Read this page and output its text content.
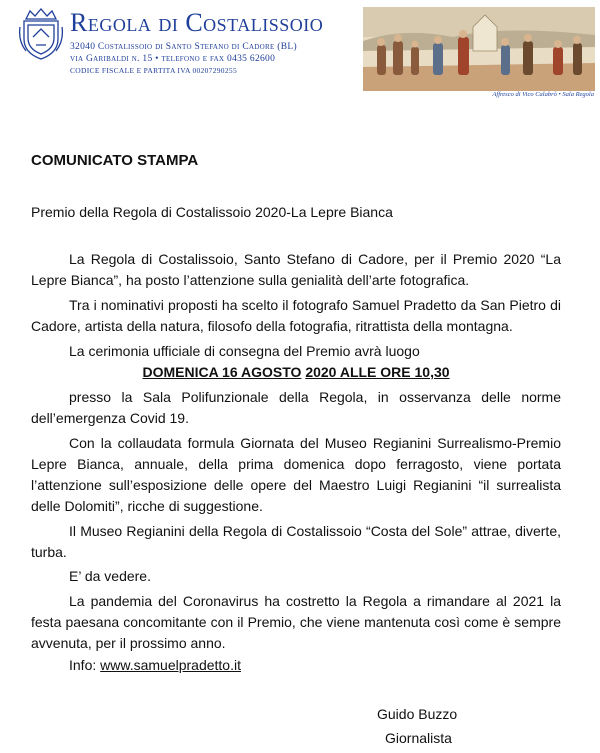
Regola di Costalissoio
32040 Costalissoio di Santo Stefano di Cadore (BL)
via Garibaldi n. 15 • telefono e fax 0435 62600
CODICE FISCALE E PARTITA IVA 00207290255
Affresco di Vico Calabrò • Sala Regola
COMUNICATO STAMPA
Premio della Regola di Costalissoio 2020-La Lepre Bianca

La Regola di Costalissoio, Santo Stefano di Cadore, per il Premio 2020 “La Lepre Bianca”, ha posto l’attenzione sulla genialità dell’arte fotografica.

Tra i nominativi proposti ha scelto il fotografo Samuel Pradetto da San Pietro di Cadore, artista della natura, filosofo della fotografia, ritrattista della montagna.

La cerimonia ufficiale di consegna del Premio avrà luogo

DOMENICA 16 AGOSTO 2020 ALLE ORE 10,30

presso la Sala Polifunzionale della Regola, in osservanza delle norme dell’emergenza Covid 19.

Con la collaudata formula Giornata del Museo Regianini Surrealismo-Premio Lepre Bianca, annuale, della prima domenica dopo ferragosto, viene portata l’attenzione sull’esposizione delle opere del Maestro Luigi Regianini “il surrealista delle Dolomiti”, ricche di suggestione.

Il Museo Regianini della Regola di Costalissoio “Costa del Sole” attrae, diverte, turba.

E’ da vedere.

La pandemia del Coronavirus ha costretto la Regola a rimandare al 2021 la festa paesana concomitante con il Premio, che viene mantenuta così come è sempre avvenuta, per il prossimo anno.

Info: www.samuelpradetto.it
Guido Buzzo
Giornalista
